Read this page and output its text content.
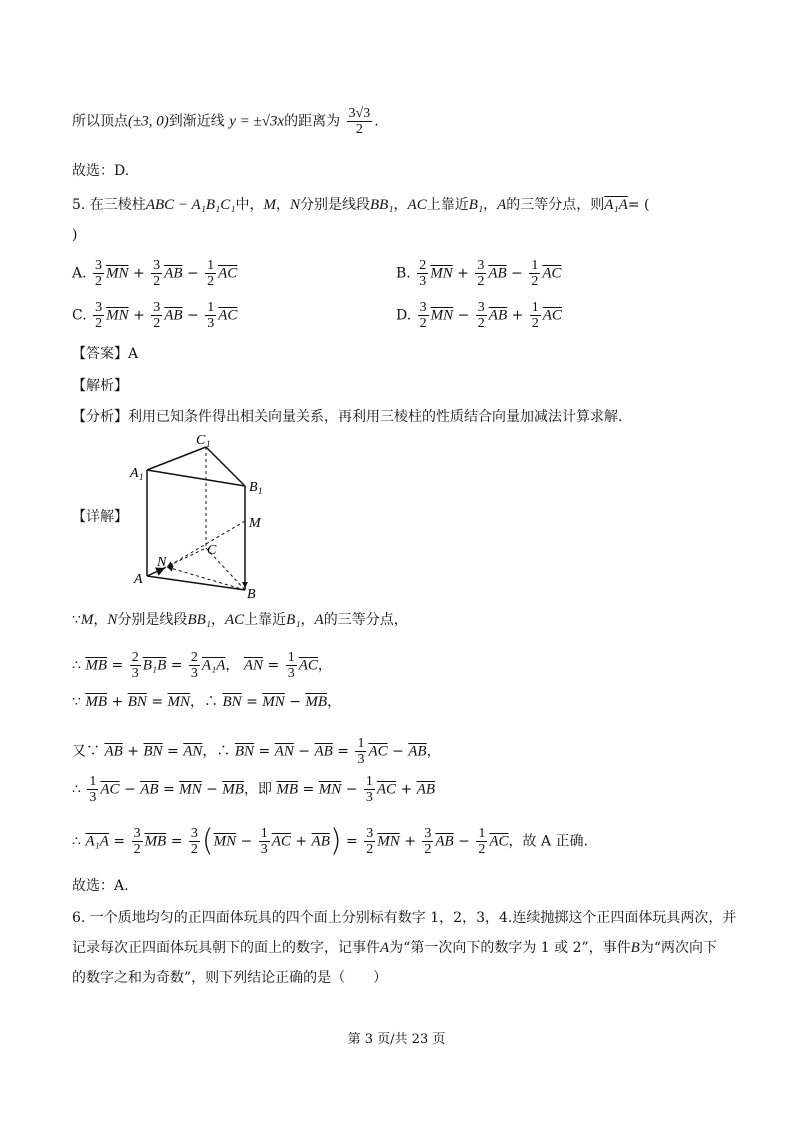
所以顶点(±3, 0)到渐近线 y = ±√3x的距离为 $\frac{3√3}{2}$ .
故选：D.
5. 在三棱柱ABC − A₁B₁C₁中，M，N分别是线段BB₁，AC上靠近B₁，A的三等分点，则A₁A= (
)
A. $\frac{3}{2} \overline{MN} + \frac{3}{2} \overline{AB} - \frac{1}{2} \overline{AC}$	B. $\frac{2}{3} \overline{MN} + \frac{3}{2} \overline{AB} - \frac{1}{2} \overline{AC}$
C. $\frac{3}{2} \overline{MN} + \frac{3}{2} \overline{AB} - \frac{1}{3} \overline{AC}$	D. $\frac{3}{2} \overline{MN} - \frac{3}{2} \overline{AB} + \frac{1}{2} \overline{AC}$
【答案】A
【解析】
【分析】利用已知条件得出相关向量关系，再利用三棱柱的性质结合向量加减法计算求解.
【详解】
C 1
A 1
B 1
M
C
N
A
B
∵M，N分别是线段BB₁，AC上靠近B₁，A的三等分点，
∴ $\overline{MB} = \frac{2}{3} B_1B = \frac{2}{3} A_1A$， $\overline{AN} = \frac{1}{3} \overline{AC}$，
∵ $\overline{MB} + \overline{BN} = \overline{MN}$，∴ $\overline{BN} = \overline{MN} - \overline{MB}$，
又∵ $\overline{AB} + \overline{BN} = \overline{AN}$，∴ $\overline{BN} = \overline{AN} - \overline{AB} = \frac{1}{3} \overline{AC} - \overline{AB}$，
∴ $\frac{1}{3} \overline{AC} - \overline{AB} = \overline{MN} - \overline{MB}$，即 $\overline{MB} = \overline{MN} - \frac{1}{3} \overline{AC} + \overline{AB}$
∴ $A_1A = \frac{3}{2} \overline{MB} = \frac{3}{2} (\overline{MN} - \frac{1}{3} \overline{AC} + \overline{AB}) = \frac{3}{2} \overline{MN} + \frac{3}{2} \overline{AB} - \frac{1}{2} \overline{AC}$，故 A 正确.
故选：A.
6. 一个质地均匀的正四面体玩具的四个面上分别标有数字 1，2，3，4.连续抛掷这个正四面体玩具两次，并
记录每次正四面体玩具朝下的面上的数字，记事件A为“第一次向下的数字为 1 或 2”，事件B为“两次向下
的数字之和为奇数”，则下列结论正确的是（　　）
第 3 页/共 23 页
